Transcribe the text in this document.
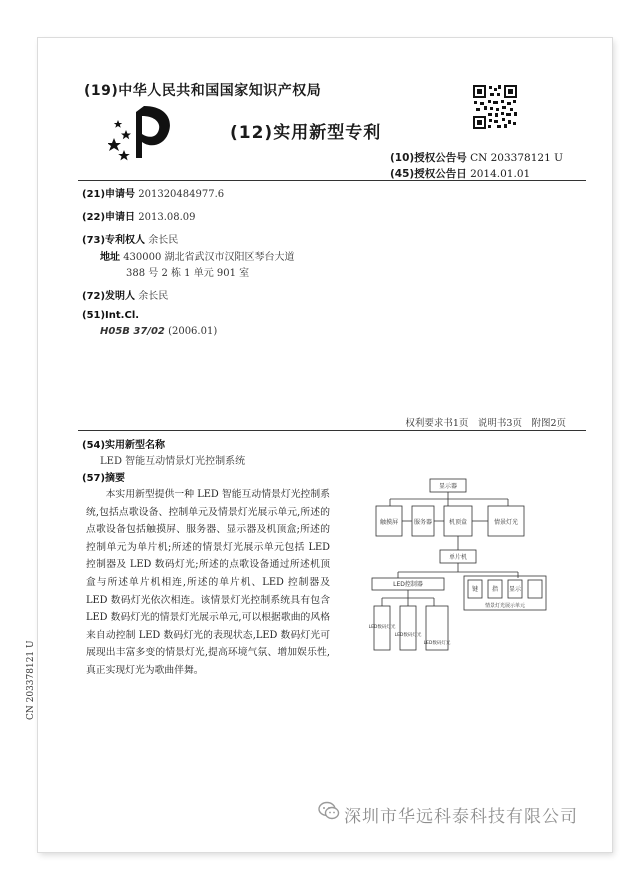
(19)中华人民共和国国家知识产权局
(12)实用新型专利
(10)授权公告号 CN 203378121 U
(45)授权公告日 2014.01.01
(21)申请号 201320484977.6
(22)申请日 2013.08.09
(73)专利权人 余长民
地址 430000 湖北省武汉市汉阳区琴台大道
388 号 2 栋 1 单元 901 室
(72)发明人 余长民
(51)Int.Cl.
H05B 37/02 (2006.01)
权利要求书1页　说明书3页　附图2页
(54)实用新型名称
LED 智能互动情景灯光控制系统
(57)摘要
本实用新型提供一种 LED 智能互动情景灯光控制系统,包括点歌设备、控制单元及情景灯光展示单元,所述的点歌设备包括触摸屏、服务器、显示器及机顶盒;所述的控制单元为单片机;所述的情景灯光展示单元包括 LED 控制器及 LED 数码灯光;所述的点歌设备通过所述机顶盒与所述单片机相连,所述的单片机、LED 控制器及 LED 数码灯光依次相连。该情景灯光控制系统具有包含 LED 数码灯光的情景灯光展示单元,可以根据歌曲的风格来自动控制 LED 数码灯光的表现状态,LED 数码灯光可展现出丰富多变的情景灯光,提高环境气氛、增加娱乐性,真正实现灯光为歌曲伴舞。
显示器
触摸屏	服务器	机顶盒	情景灯光
单片机
LED控制器
键 指 显示
情景灯光展示单元
LED数码灯光
LED数码灯光
LED数码灯光
CN 203378121 U
深圳市华远科泰科技有限公司
